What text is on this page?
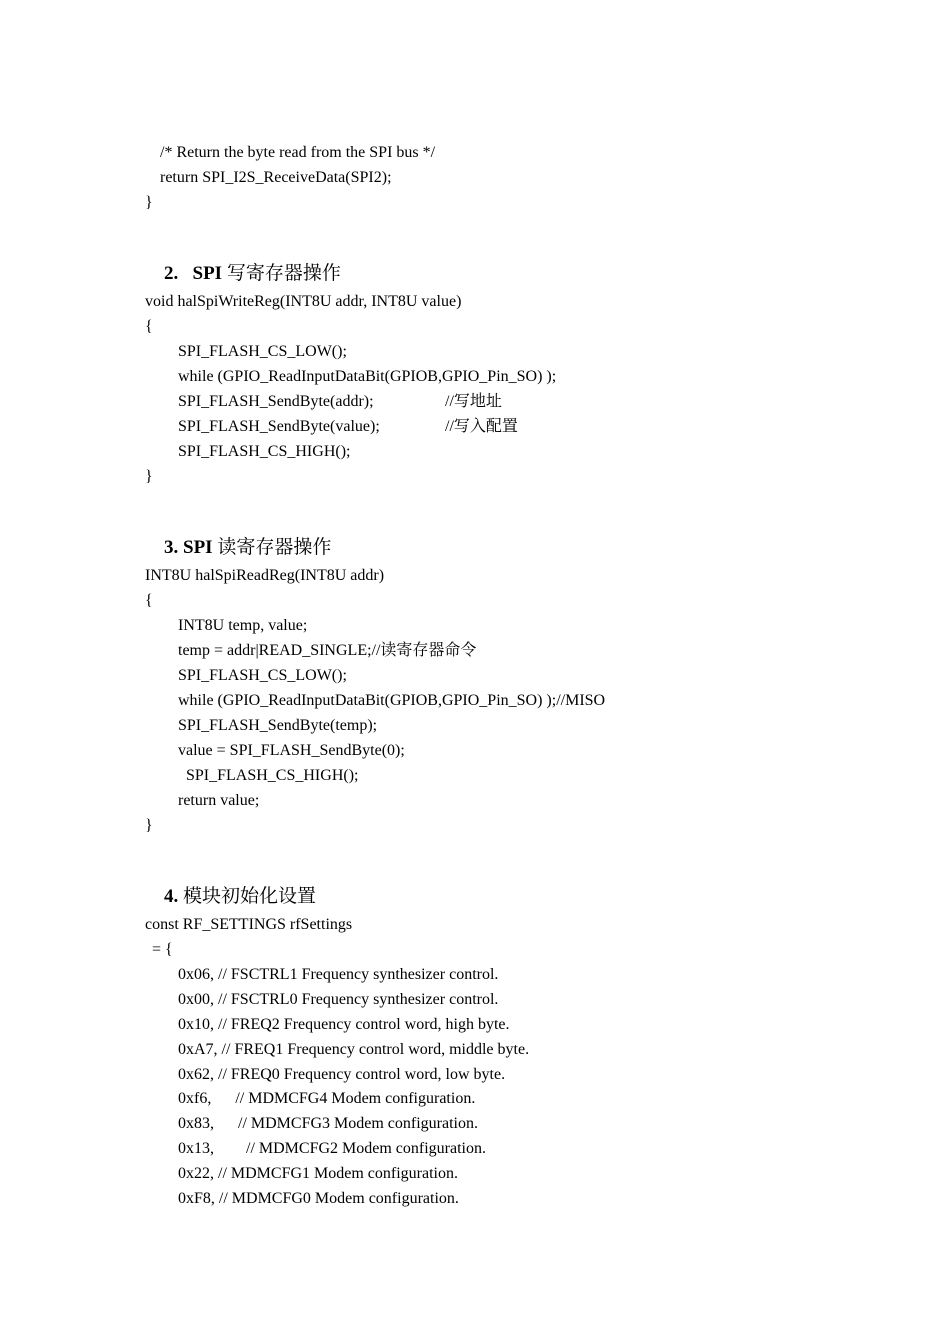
/* Return the byte read from the SPI bus */
return SPI_I2S_ReceiveData(SPI2);
}

2. SPI 写寄存器操作

void halSpiWriteReg(INT8U addr, INT8U value)
{
SPI_FLASH_CS_LOW();
while (GPIO_ReadInputDataBit(GPIOB,GPIO_Pin_SO) );
SPI_FLASH_SendByte(addr);	//写地址
SPI_FLASH_SendByte(value);	//写入配置
SPI_FLASH_CS_HIGH();
}

3. SPI 读寄存器操作

INT8U halSpiReadReg(INT8U addr)
{
INT8U temp, value;
temp = addr|READ_SINGLE;//读寄存器命令
SPI_FLASH_CS_LOW();
while (GPIO_ReadInputDataBit(GPIOB,GPIO_Pin_SO) );//MISO
SPI_FLASH_SendByte(temp);
value = SPI_FLASH_SendByte(0);
SPI_FLASH_CS_HIGH();
return value;
}

4. 模块初始化设置

const RF_SETTINGS rfSettings
= {
0x06, // FSCTRL1 Frequency synthesizer control.
0x00, // FSCTRL0 Frequency synthesizer control.
0x10, // FREQ2 Frequency control word, high byte.
0xA7, // FREQ1 Frequency control word, middle byte.
0x62, // FREQ0 Frequency control word, low byte.
0xf6,      // MDMCFG4 Modem configuration.
0x83,      // MDMCFG3 Modem configuration.
0x13,        // MDMCFG2 Modem configuration.
0x22, // MDMCFG1 Modem configuration.
0xF8, // MDMCFG0 Modem configuration.
